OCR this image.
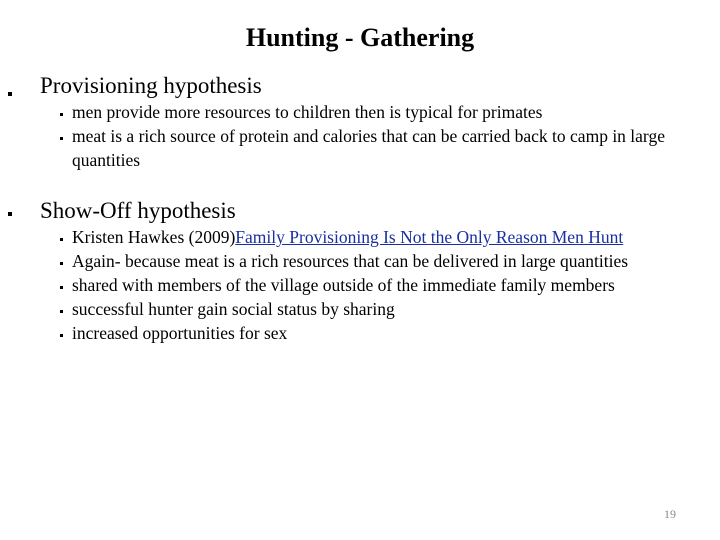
Hunting - Gathering
Provisioning hypothesis
men provide more resources to children then is typical for primates
meat is a rich source of protein and calories that can be carried back to camp in large quantities
Show-Off hypothesis
Kristen Hawkes (2009)Family Provisioning Is Not the Only Reason Men Hunt
Again- because meat is a rich resources that can be delivered in large quantities
shared with members of the village outside of the immediate family members
successful hunter gain social status by sharing
increased opportunities for sex
19
